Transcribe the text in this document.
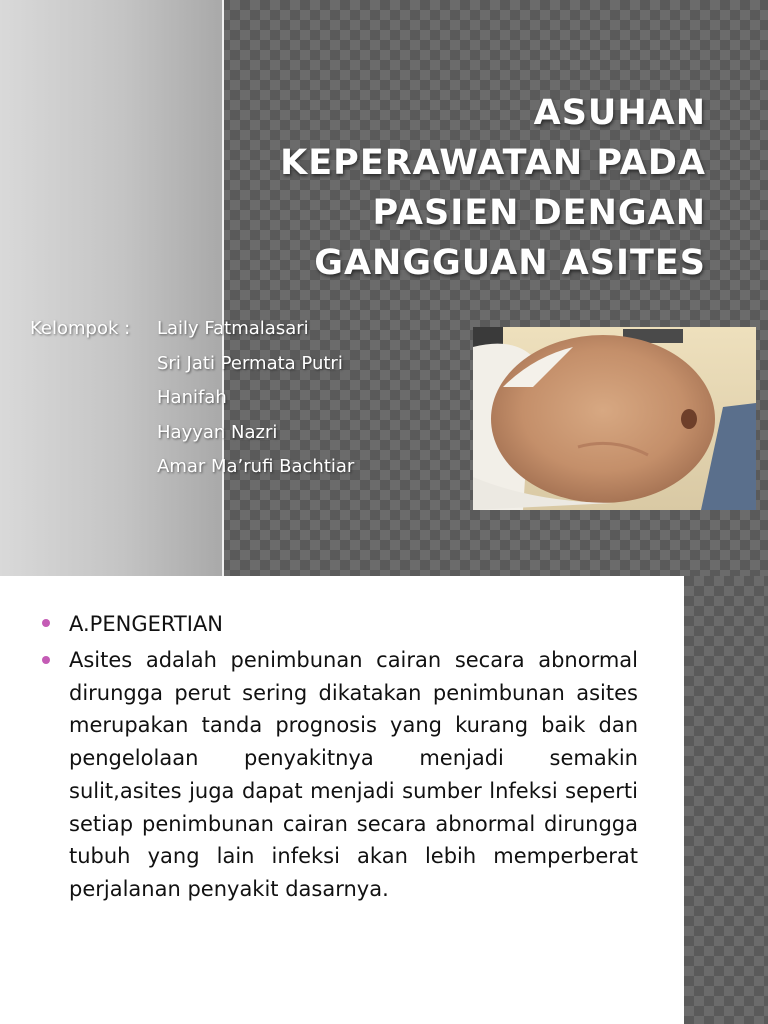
ASUHAN
KEPERAWATAN PADA
PASIEN DENGAN
GANGGUAN ASITES
Kelompok :	Laily Fatmalasari
Sri Jati Permata Putri
Hanifah
Hayyan Nazri
Amar Ma’rufi Bachtiar
A.PENGERTIAN
Asites adalah penimbunan cairan secara abnormal dirungga perut sering dikatakan penimbunan asites merupakan tanda prognosis yang kurang baik dan pengelolaan penyakitnya menjadi semakin sulit,asites juga dapat menjadi sumber lnfeksi seperti setiap penimbunan cairan secara abnormal dirungga tubuh yang lain infeksi akan lebih memperberat perjalanan penyakit dasarnya.
